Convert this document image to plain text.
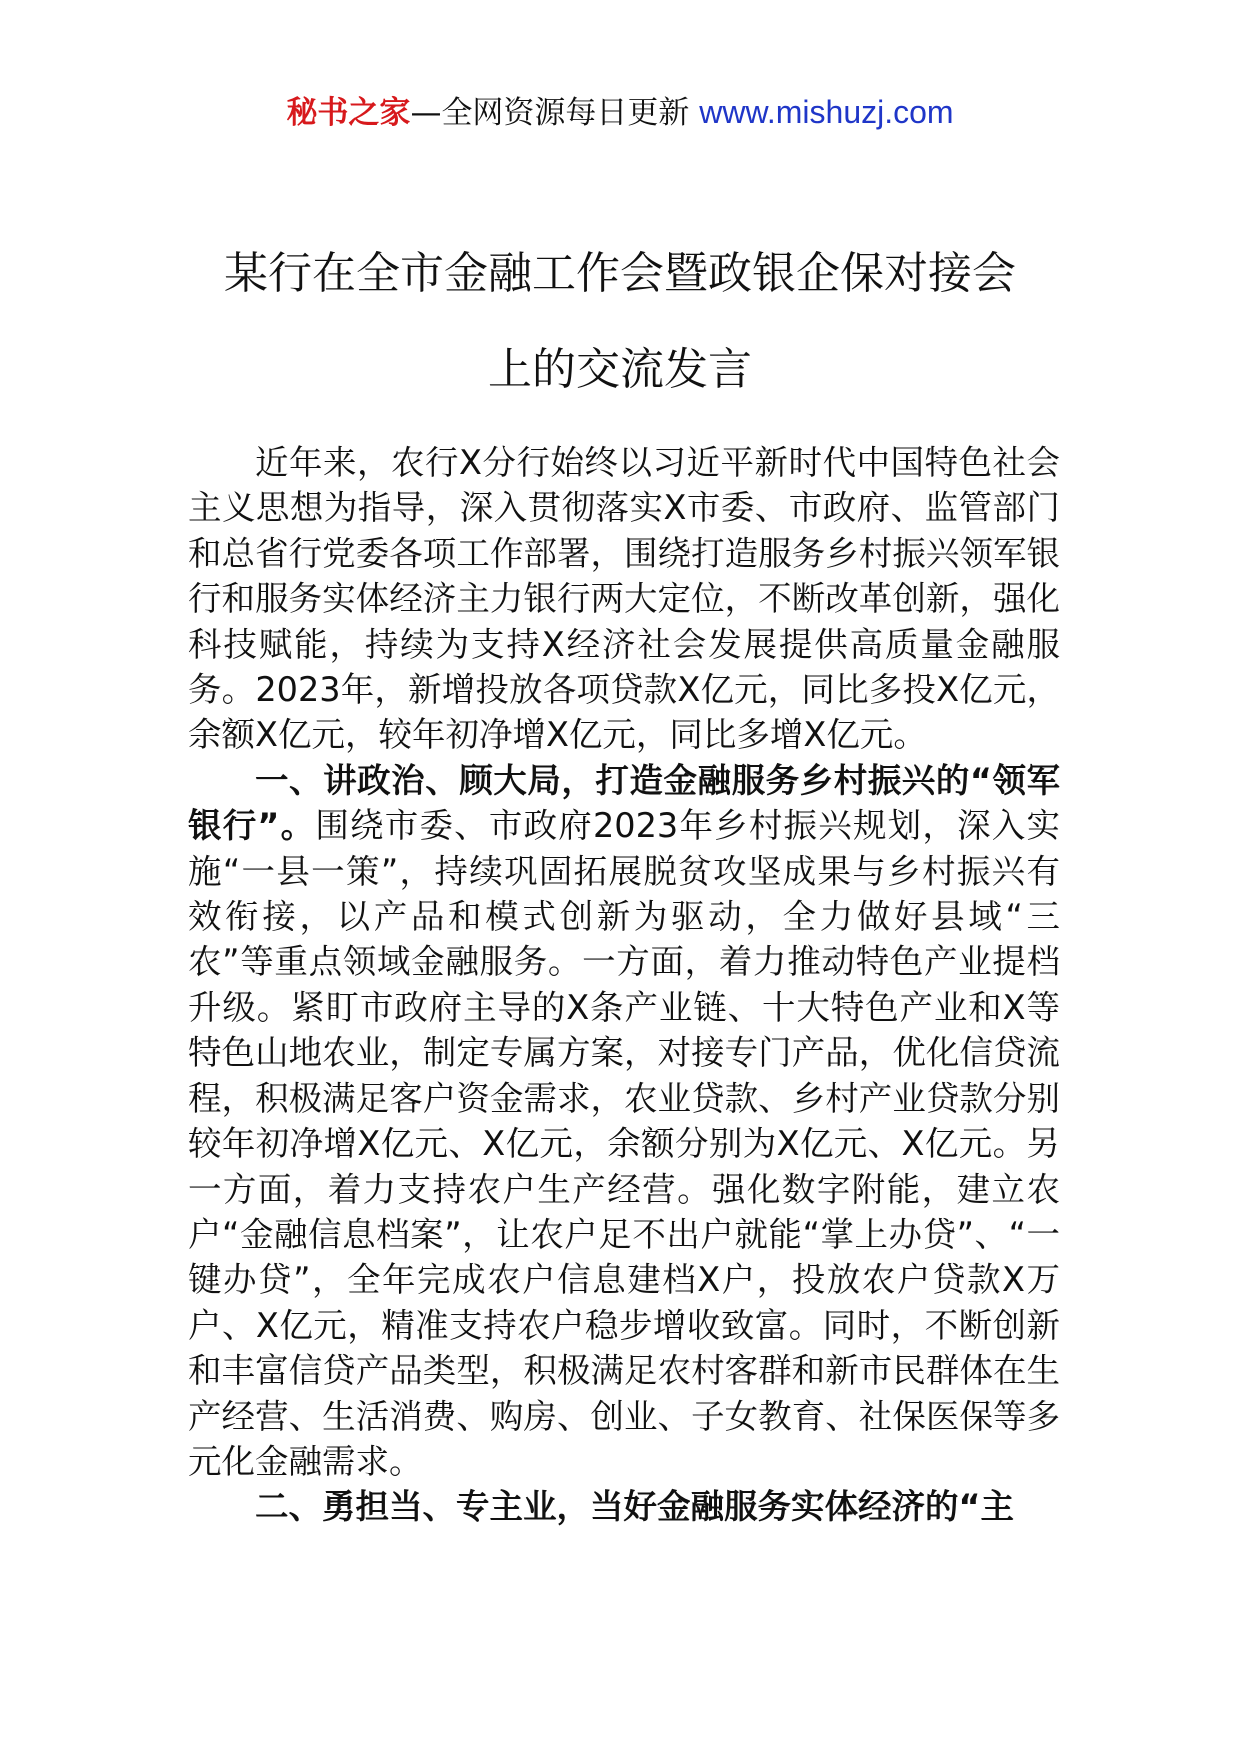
秘书之家—全网资源每日更新 www.mishuzj.com
某行在全市金融工作会暨政银企保对接会
上的交流发言

近年来，农行X分行始终以习近平新时代中国特色社会主义思想为指导，深入贯彻落实X市委、市政府、监管部门和总省行党委各项工作部署，围绕打造服务乡村振兴领军银行和服务实体经济主力银行两大定位，不断改革创新，强化科技赋能，持续为支持X经济社会发展提供高质量金融服务。2023年，新增投放各项贷款X亿元，同比多投X亿元，余额X亿元，较年初净增X亿元，同比多增X亿元。

一、讲政治、顾大局，打造金融服务乡村振兴的“领军银行”。围绕市委、市政府2023年乡村振兴规划，深入实施“一县一策”，持续巩固拓展脱贫攻坚成果与乡村振兴有效衔接，以产品和模式创新为驱动，全力做好县域“三农”等重点领域金融服务。一方面，着力推动特色产业提档升级。紧盯市政府主导的X条产业链、十大特色产业和X等特色山地农业，制定专属方案，对接专门产品，优化信贷流程，积极满足客户资金需求，农业贷款、乡村产业贷款分别较年初净增X亿元、X亿元，余额分别为X亿元、X亿元。另一方面，着力支持农户生产经营。强化数字附能，建立农户“金融信息档案”，让农户足不出户就能“掌上办贷”、“一键办贷”，全年完成农户信息建档X户，投放农户贷款X万户、X亿元，精准支持农户稳步增收致富。同时，不断创新和丰富信贷产品类型，积极满足农村客群和新市民群体在生产经营、生活消费、购房、创业、子女教育、社保医保等多元化金融需求。

二、勇担当、专主业，当好金融服务实体经济的“主
